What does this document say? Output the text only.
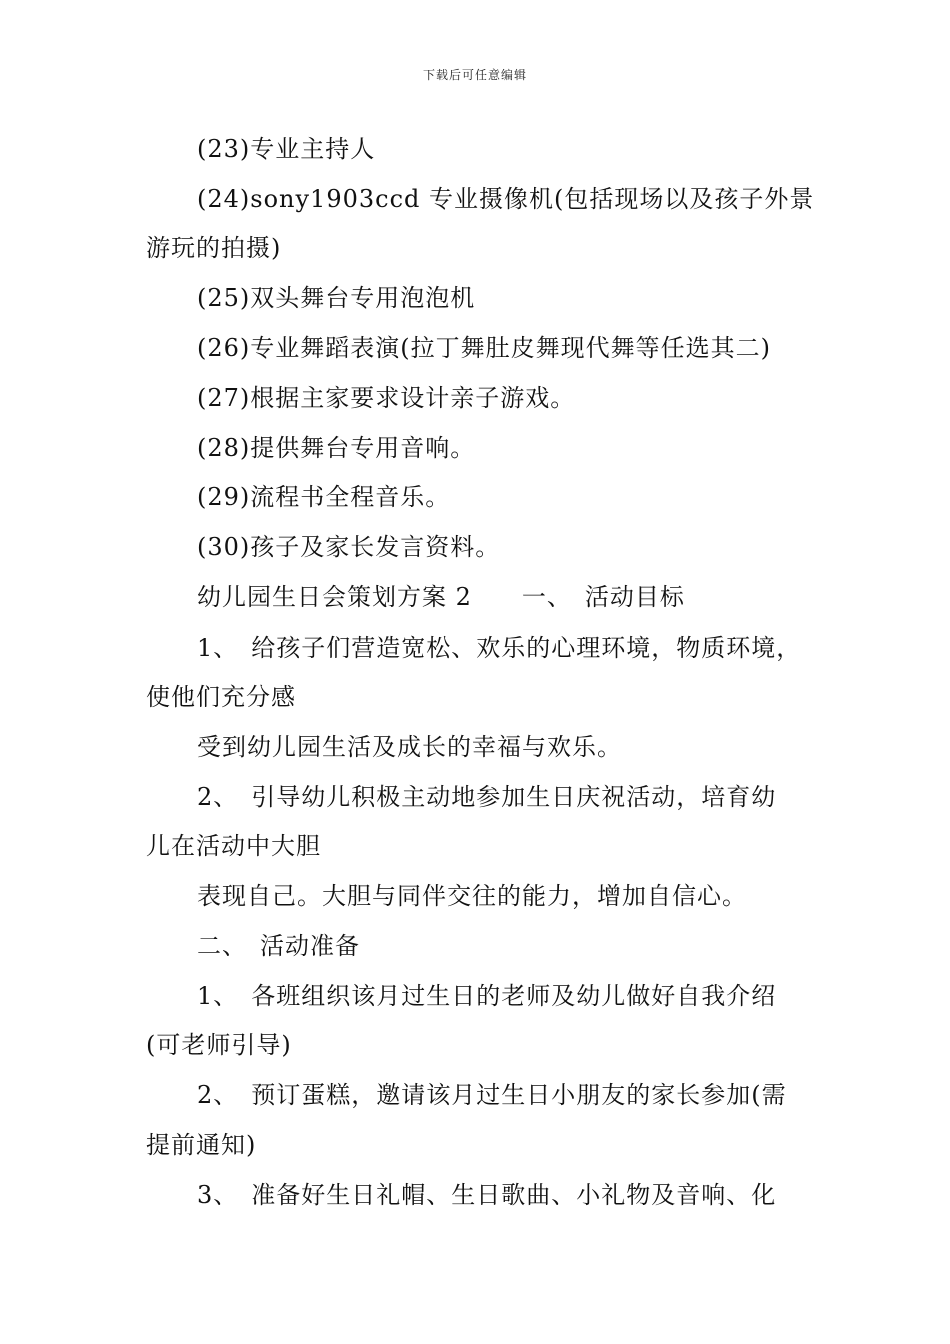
下载后可任意编辑
(23)专业主持人
(24)sony1903ccd 专业摄像机(包括现场以及孩子外景
游玩的拍摄)
(25)双头舞台专用泡泡机
(26)专业舞蹈表演(拉丁舞肚皮舞现代舞等任选其二)
(27)根据主家要求设计亲子游戏。
(28)提供舞台专用音响。
(29)流程书全程音乐。
(30)孩子及家长发言资料。
幼儿园生日会策划方案 2　　一、　活动目标
1、　给孩子们营造宽松、欢乐的心理环境，物质环境，
使他们充分感
受到幼儿园生活及成长的幸福与欢乐。
2、　引导幼儿积极主动地参加生日庆祝活动，培育幼
儿在活动中大胆
表现自己。大胆与同伴交往的能力，增加自信心。
二、　活动准备
1、　各班组织该月过生日的老师及幼儿做好自我介绍
(可老师引导)
2、　预订蛋糕，邀请该月过生日小朋友的家长参加(需
提前通知)
3、　准备好生日礼帽、生日歌曲、小礼物及音响、化
